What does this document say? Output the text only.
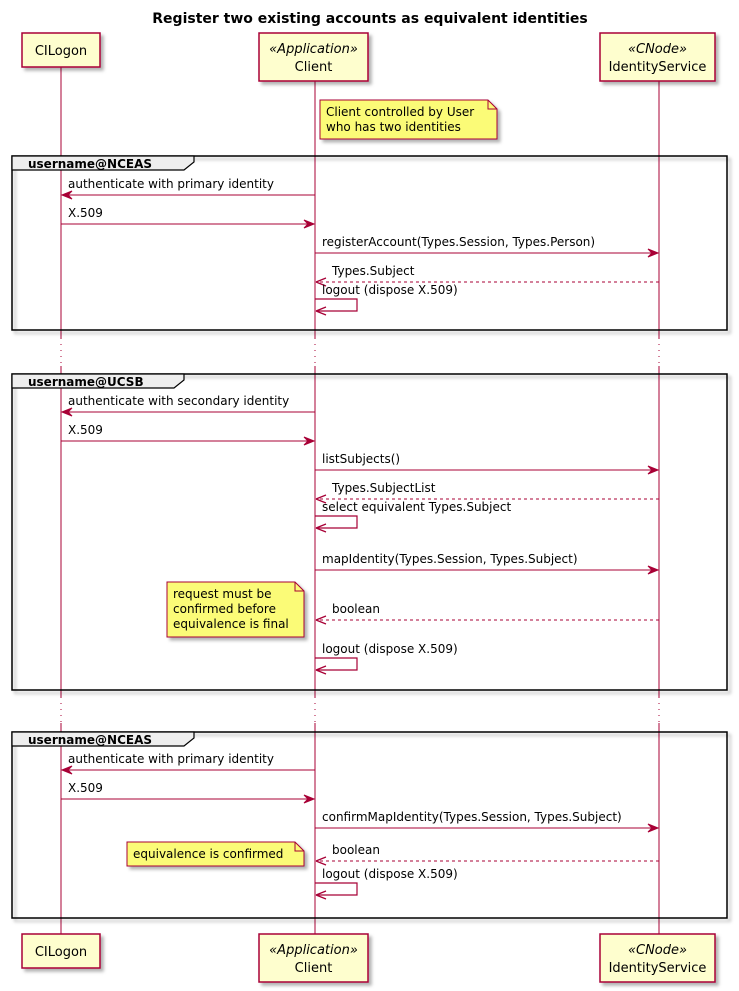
Register two existing accounts as equivalent identities
username@NCEAS
username@UCSB
username@NCEAS
authenticate with primary identity
X.509
registerAccount(Types.Session, Types.Person)
Types.Subject
logout (dispose X.509)
authenticate with secondary identity
X.509
listSubjects()
Types.SubjectList
select equivalent Types.Subject
mapIdentity(Types.Session, Types.Subject)
boolean
logout (dispose X.509)
authenticate with primary identity
X.509
confirmMapIdentity(Types.Session, Types.Subject)
boolean
logout (dispose X.509)
Client controlled by User
who has two identities
request must be
confirmed before
equivalence is final
equivalence is confirmed
CILogon
CILogon
«Application»
Client
«Application»
Client
«CNode»
IdentityService
«CNode»
IdentityService
